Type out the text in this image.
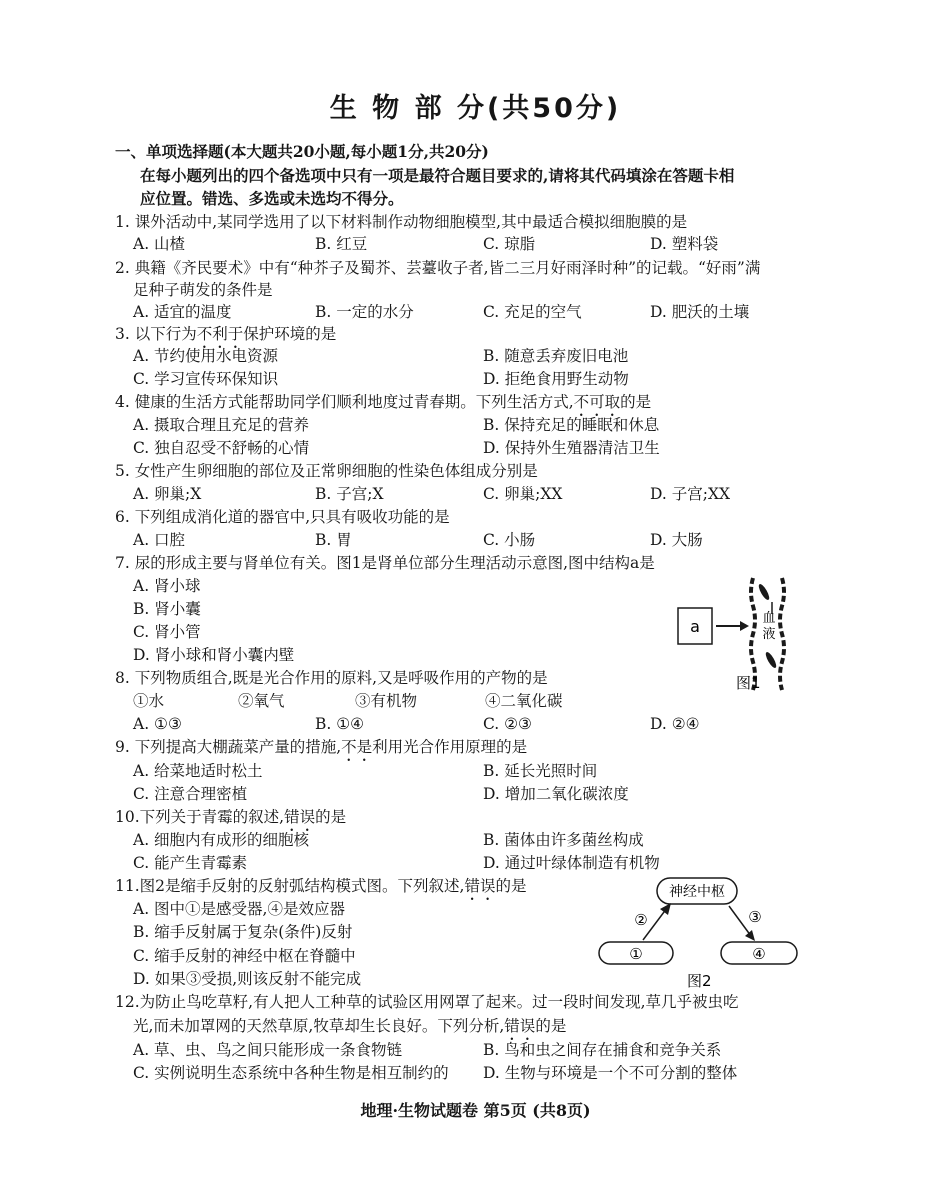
生 物 部 分(共50分)
一、单项选择题(本大题共20小题,每小题1分,共20分)
在每小题列出的四个备选项中只有一项是最符合题目要求的,请将其代码填涂在答题卡相
应位置。错选、多选或未选均不得分。
1. 课外活动中,某同学选用了以下材料制作动物细胞模型,其中最适合模拟细胞膜的是
A. 山楂	B. 红豆	C. 琼脂	D. 塑料袋
2. 典籍《齐民要术》中有“种芥子及蜀芥、芸薹收子者,皆二三月好雨泽时种”的记载。“好雨”满
足种子萌发的条件是
A. 适宜的温度	B. 一定的水分	C. 充足的空气	D. 肥沃的土壤
3. 以下行为不利于保护环境的是
A. 节约使用水电资源	B. 随意丢弃废旧电池
C. 学习宣传环保知识	D. 拒绝食用野生动物
4. 健康的生活方式能帮助同学们顺利地度过青春期。下列生活方式,不可取的是
A. 摄取合理且充足的营养	B. 保持充足的睡眠和休息
C. 独自忍受不舒畅的心情	D. 保持外生殖器清洁卫生
5. 女性产生卵细胞的部位及正常卵细胞的性染色体组成分别是
A. 卵巢;X	B. 子宫;X	C. 卵巢;XX	D. 子宫;XX
6. 下列组成消化道的器官中,只具有吸收功能的是
A. 口腔	B. 胃	C. 小肠	D. 大肠
7. 尿的形成主要与肾单位有关。图1是肾单位部分生理活动示意图,图中结构a是
A. 肾小球
B. 肾小囊
C. 肾小管
D. 肾小球和肾小囊内壁
a	血
液
图1
8. 下列物质组合,既是光合作用的原料,又是呼吸作用的产物的是
①水	②氧气	③有机物	④二氧化碳
A. ①③	B. ①④	C. ②③	D. ②④
9. 下列提高大棚蔬菜产量的措施,不是利用光合作用原理的是
A. 给菜地适时松土	B. 延长光照时间
C. 注意合理密植	D. 增加二氧化碳浓度
10.下列关于青霉的叙述,错误的是
A. 细胞内有成形的细胞核	B. 菌体由许多菌丝构成
C. 能产生青霉素	D. 通过叶绿体制造有机物
11.图2是缩手反射的反射弧结构模式图。下列叙述,错误的是
A. 图中①是感受器,④是效应器
B. 缩手反射属于复杂(条件)反射
C. 缩手反射的神经中枢在脊髓中
D. 如果③受损,则该反射不能完成
神经中枢
①	④
②	③
图2
12.为防止鸟吃草籽,有人把人工种草的试验区用网罩了起来。过一段时间发现,草几乎被虫吃
光,而未加罩网的天然草原,牧草却生长良好。下列分析,错误的是
A. 草、虫、鸟之间只能形成一条食物链	B. 鸟和虫之间存在捕食和竞争关系
C. 实例说明生态系统中各种生物是相互制约的 D. 生物与环境是一个不可分割的整体
地理·生物试题卷 第5页 (共8页)
